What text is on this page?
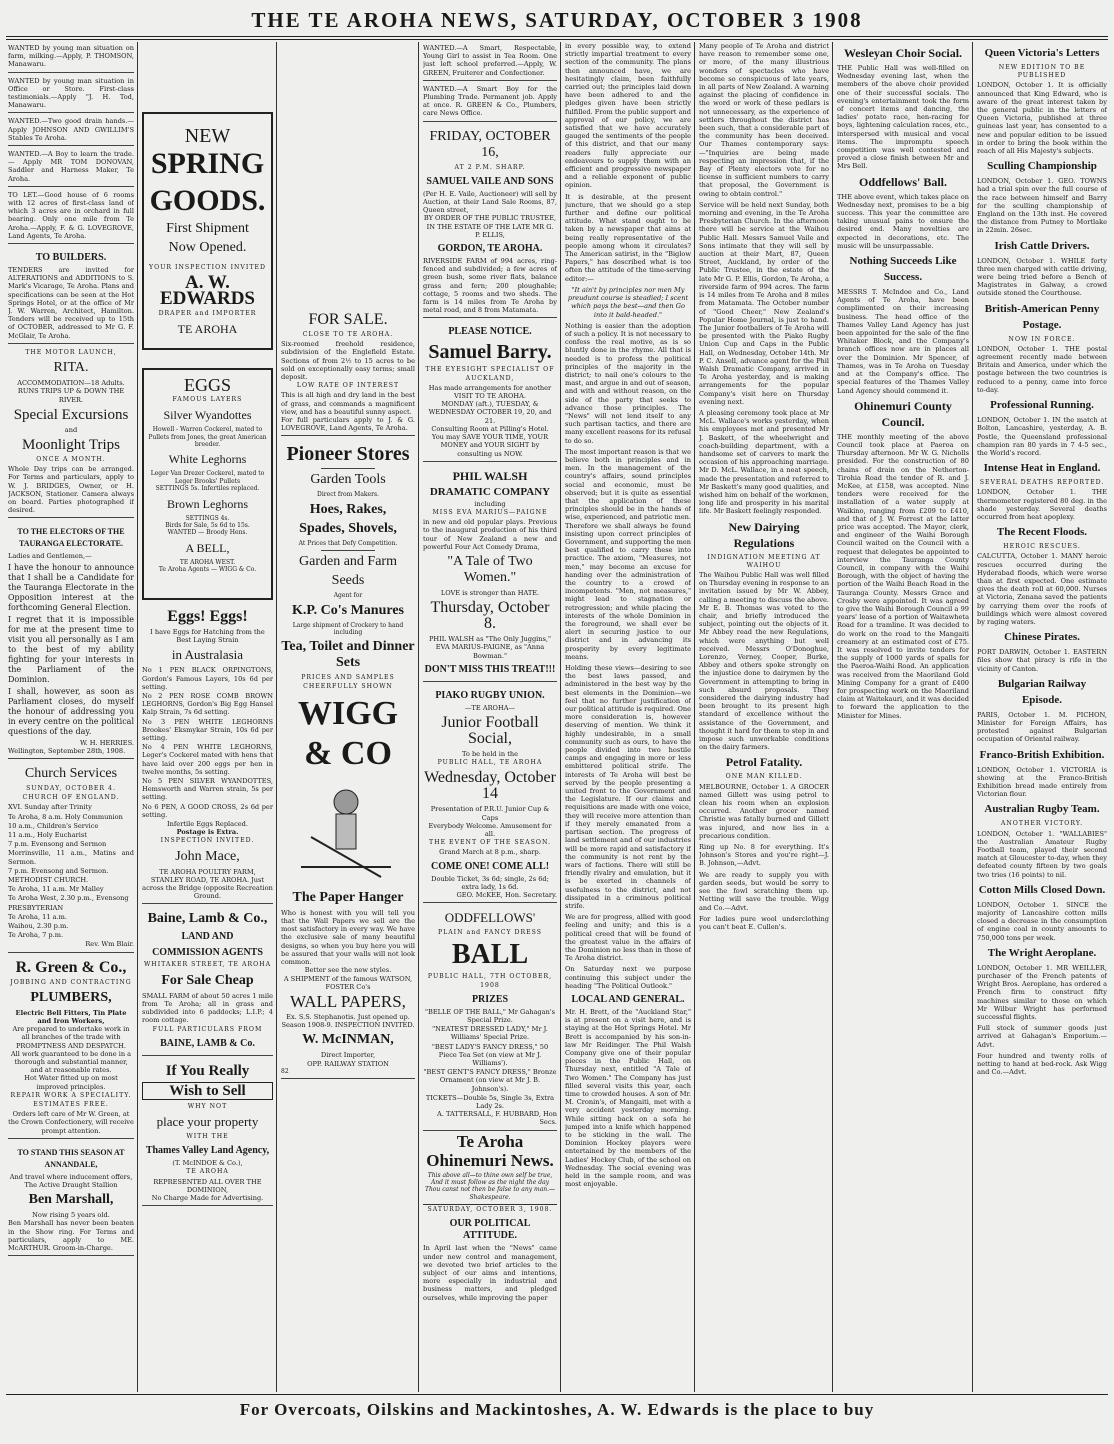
THE TE AROHA NEWS, SATURDAY, OCTOBER 3 1908
WANTED by young man situation on farm, milking.—Apply, P. THOMSON, Manawaru.
WANTED by young man situation in Office or Store. First-class testimonials.—Apply "J. H. Tod, Manawaru.
WANTED.—Two good drain hands.—Apply JOHNSON AND GWILLIM'S Stables Te Aroha.
WANTED.—A Boy to learn the trade. — Apply MR TOM DONOVAN, Saddler and Harness Maker, Te Aroha.
TO LET.—Good house of 6 rooms with 12 acres of first-class land of which 3 acres are in orchard in full bearing. Only one mile from Te Aroha.—Apply, F. & G. LOVEGROVE, Land Agents, Te Aroha.
TO BUILDERS.
TENDERS are invited for ALTERATIONS and ADDITIONS to S. Mark's Vicarage, Te Aroha. Plans and specifications can be seen at the Hot Springs Hotel, or at the office of Mr J. W. Warren, Architect, Hamilton. Tenders will be received up to 15th of OCTOBER, addressed to Mr G. F. McGlair, Te Aroha.
THE MOTOR LAUNCH,
RITA.
ACCOMMODATION—18 Adults. RUNS TRIPS UP & DOWN THE RIVER.
Special Excursions
and
Moonlight Trips
ONCE A MONTH.
Whole Day trips can be arranged. For Terms and particulars, apply to W. J. BRIDGES, Owner, or H. JACKSON, Stationer. Camera always on board. Parties photographed if desired.
TO THE ELECTORS OF THE TAURANGA ELECTORATE.
Ladies and Gentlemen,—

I have the honour to announce that I shall be a Candidate for the Tauranga Electorate in the Opposition interest at the forthcoming General Election.

I regret that it is impossible for me at the present time to visit you all personally as I am to the best of my ability fighting for your interests in the Parliament of the Dominion.

I shall, however, as soon as Parliament closes, do myself the honour of addressing you in every centre on the political questions of the day.

W. H. HERRIES.
Wellington, September 28th, 1908.
Church Services
SUNDAY, OCTOBER 4.
CHURCH OF ENGLAND.
XVI. Sunday after Trinity
Te Aroha, 8 a.m. Holy Communion
10 a.m., Children's Service
11 a.m., Holy Eucharist
7 p.m. Evensong and Sermon
Morrinsville, 11 a.m., Matins and Sermon.
7 p.m. Evensong and Sermon.
METHODIST CHURCH.
Te Aroha, 11 a.m. Mr Malley
Te Aroha West, 2.30 p.m., Evensong
PRESBYTERIAN
Te Aroha, 11 a.m.
Waihou, 2.30 p.m.
Te Aroha, 7 p.m.
Rev. Wm Blair.
R. Green & Co.,
JOBBING AND CONTRACTING
PLUMBERS,
Electric Bell Fitters, Tin Plate and Iron Workers,
Are prepared to undertake work in all branches of the trade with PROMPTNESS AND DESPATCH.
All work guaranteed to be done in a thorough and substantial manner, and at reasonable rates.
Hot Water fitted up on most improved principles.
REPAIR WORK A SPECIALITY.
ESTIMATES FREE.
Orders left care of Mr W. Green, at the Crown Confectionery, will receive prompt attention.
TO STAND THIS SEASON AT ANNANDALE,
And travel where inducement offers, The Active Draught Stallion
Ben Marshall,
Now rising 5 years old.
Ben Marshall has never been beaten in the Show ring. For Terms and particulars, apply to ME. McARTHUR. Groom-in-Charge.
NEW
SPRING
GOODS.
First Shipment
Now Opened.
YOUR INSPECTION INVITED
A. W. EDWARDS
DRAPER and IMPORTER
TE AROHA
EGGS
FAMOUS LAYERS
Silver Wyandottes
Howell - Warren Cockerel, mated to Pullets from Jones, the great American breeder.
White Leghorns
Leger Van Drezer Cockerel, mated to Leger Brooks' Pullets
SETTINGS 5s. Infertiles replaced.
Brown Leghorns
SETTINGS 4s.
Birds for Sale, 5s 6d to 15s.
WANTED — Broody Hens.
A BELL,
TE AROHA WEST.
Te Aroha Agents — WIGG & Co.
Eggs! Eggs!
I have Eggs for Hatching from the Best Laying Strain
in Australasia
No 1 PEN BLACK ORPINGTONS, Gordon's Famous Layers, 10s 6d per setting.
No 2 PEN ROSE COMB BROWN LEGHORNS, Gordon's Big Egg Hansel Kalp Strain, 7s 6d setting.
No 3 PEN WHITE LEGHORNS Brookes' Eksmykar Strain, 10s 6d per setting.
No 4 PEN WHITE LEGHORNS, Leger's Cockerel mated with hens that have laid over 200 eggs per hen in twelve months, 5s setting.
No 5 PEN SILVER WYANDOTTES, Hemsworth and Warren strain, 5s per setting.
No 6 PEN, A GOOD CROSS, 2s 6d per setting.
Infertile Eggs Replaced.
Postage is Extra.
INSPECTION INVITED.
John Mace,
TE AROHA POULTRY FARM, STANLEY ROAD, TE AROHA. Just across the Bridge (opposite Recreation Ground.
Baine, Lamb & Co.,
LAND AND
COMMISSION AGENTS
WHITAKER STREET, TE AROHA
For Sale Cheap
SMALL FARM of about 50 acres 1 mile from Te Aroha; all in grass and subdivided into 6 paddocks; L.I.P.; 4 room cottage.
FULL PARTICULARS FROM
BAINE, LAMB & Co.
If You Really
Wish to Sell
WHY NOT
place your property
WITH THE
Thames Valley Land Agency,
(T. McINDOE & Co.),
TE AROHA
REPRESENTED ALL OVER THE DOMINION,
No Charge Made for Advertising.
FOR SALE.
CLOSE TO TE AROHA.
Six-roomed freehold residence, subdivision of the Englefield Estate. Sections of from 2½ to 15 acres to be sold on exceptionally easy terms; small deposit.
LOW RATE OF INTEREST
This is all high and dry land in the best of grass, and commands a magnificent view, and has a beautiful sunny aspect.
For full particulars apply to J. & G. LOVEGROVE, Land Agents, Te Aroha.
Pioneer Stores
Garden Tools
Direct from Makers.
Hoes, Rakes,
Spades, Shovels,
At Prices that Defy Competition.
Garden and Farm
Seeds
Agent for
K.P. Co's Manures
Large shipment of Crockery to hand including
Tea, Toilet and Dinner Sets
PRICES AND SAMPLES CHEERFULLY SHOWN
WIGG & CO
The Paper Hanger
Who is honest with you will tell you that the Wall Papers we sell are the most satisfactory in every way. We have the exclusive sale of many beautiful designs, so when you buy here you will be assured that your walls will not look common.
Better see the new styles.
A SHIPMENT of the famous WATSON, FOSTER Co's
WALL PAPERS,
Ex. S.S. Stephanotis. Just opened up. Season 1908-9. INSPECTION INVITED.
W. McINMAN,
Direct Importer,
OPP. RAILWAY STATION
82
WANTED.—A Smart, Respectable, Young Girl to assist in Tea Room. One just left school preferred.—Apply, W. GREEN, Fruiterer and Confectioner.
WANTED.—A Smart Boy for the Plumbing Trade. Permanent job. Apply at once. R. GREEN & Co., Plumbers, care News Office.
FRIDAY, OCTOBER 16,
AT 2 P.M. SHARP.
SAMUEL VAILE AND SONS
(Per H. E. Vaile, Auctioneer) will sell by Auction, at their Land Sale Rooms, 87, Queen street,
BY ORDER OF THE PUBLIC TRUSTEE, IN THE ESTATE OF THE LATE MR G. P. ELLIS,
GORDON, TE AROHA.
RIVERSIDE FARM of 994 acres, ring-fenced and subdivided; a few acres of green bush, some river flats, balance grass and fern; 200 ploughable; cottage, 5 rooms and two sheds. The farm is 14 miles from Te Aroha by metal road, and 8 from Matamata.
PLEASE NOTICE.
Samuel Barry.
THE EYESIGHT SPECIALIST OF AUCKLAND,
Has made arrangements for another VISIT TO TE AROHA.
MONDAY (aft.), TUESDAY, & WEDNESDAY OCTOBER 19, 20, and 21.
Consulting Room at Pilling's Hotel.
You may SAVE YOUR TIME, YOUR MONEY and YOUR SIGHT by consulting us NOW.
PHIL WALSH
DRAMATIC COMPANY
including
MISS EVA MARIUS—PAIGNE
in new and old popular plays. Previous to the inaugural production of his third tour of New Zealand a new and powerful Four Act Comedy Drama,
"A Tale of Two Women."
LOVE is stronger than HATE.
Thursday, October 8.
PHIL WALSH as "The Only Juggins," EVA MARIUS-PAIGNE, as "Anna Bowman."
DON'T MISS THIS TREAT!!!
PIAKO RUGBY UNION.
—TE AROHA—
Junior Football Social,
To be held in the
PUBLIC HALL, TE AROHA
Wednesday, October 14
Presentation of P.R.U. Junior Cup & Caps
Everybody Welcome. Amusement for all.
THE EVENT OF THE SEASON.
Grand March at 8 p.m., sharp.
COME ONE! COME ALL!
Double Ticket, 3s 6d; single, 2s 6d; extra lady, 1s 6d.
GEO. McKEE, Hon. Secretary.
ODDFELLOWS'
PLAIN and FANCY DRESS
BALL
PUBLIC HALL, 7TH OCTOBER, 1908
PRIZES
"BELLE OF THE BALL," Mr Gahagan's Special Prize.
"NEATEST DRESSED LADY," Mr J. Williams' Special Prize.
"BEST LADY'S FANCY DRESS," 50 Piece Tea Set (on view at Mr J. Williams').
"BEST GENT'S FANCY DRESS," Bronze Ornament (on view at Mr J. B. Johnson's).
TICKETS—Double 5s, Single 3s, Extra Lady 2s.
A. TATTERSALL, F. HUBBARD, Hon Secs.
Te Aroha
Ohinemuri News.
This above all—to thine own self be true, And it must follow as the night the day Thou canst not then be false to any man.—Shakespeare.
SATURDAY, OCTOBER 3, 1908.
OUR POLITICAL ATTITUDE.
In April last when the "News" came under new control and management, we devoted two brief articles to the subject of our aims and intentions, more especially in industrial and business matters, and pledged ourselves, while improving the paper

in every possible way, to extend strictly impartial treatment to every section of the community. The plans then announced have, we are hesitatingly claim, been faithfully carried out; the principles laid down have been adhered to and the pledges given have been strictly fulfilled. From the public support and approval of our policy, we are satisfied that we have accurately gauged the sentiments of the people of this district, and that our many readers fully appreciate our endeavours to supply them with an efficient and progressive newspaper and a reliable exponent of public opinion.

It is desirable, at the present juncture, that we should go a step further and define our political attitude. What stand ought to be taken by a newspaper that aims at being really representative of the people among whom it circulates? The American satirist, in the "Biglow Papers," has described what is too often the attitude of the time-serving editor:—

"It ain't by principles nor men My preudunt course is steadied; I scent which pays the best—and then Go into it bald-headed."

Nothing is easier than the adoption of such a policy. It is not necessary to confess the real motive, as is so bluntly done in the rhyme. All that is needed is to profess the political principles of the majority in the district; to nail one's colours to the mast, and argue in and out of season, and with and without reason, on the side of the party that seeks to advance those principles. The "News" will not lend itself to any such partisan tactics, and there are many excellent reasons for its refusal to do so.

The most important reason is that we believe both in principles and in men. In the management of the country's affairs, sound principles social and economic, must be observed; but it is quite as essential that the application of these principles should be in the hands of wise, experienced, and patriotic men. Therefore we shall always be found insisting upon correct principles of Government, and supporting the men best qualified to carry these into practice. The axiom, "Measures, not men," may become an excuse for handing over the administration of the country to a crowd of incompetents. "Men, not measures," might lead to stagnation or retrogression; and while placing the interests of the whole Dominion in the foreground, we shall ever be alert in securing justice to our district and in advancing its prosperity by every legitimate means.

Holding these views—desiring to see the best laws passed, and administered in the best way by the best elements in the Dominion—we feel that no further justification of our political attitude is required. One more consideration is, however deserving of mention. We think it highly undesirable, in a small community such as ours, to have the people divided into two hostile camps and engaging in more or less embittered political strife. The interests of Te Aroha will best be served by the people presenting a united front to the Government and the Legislature. If our claims and requisitions are made with one voice, they will receive more attention than if they merely emanated from a partisan section. The progress of land settlement and of our industries will be more rapid and satisfactory if the community is not rent by the wars of factions. There will still be friendly rivalry and emulation, but it is be exerted in channels of usefulness to the district, and not dissipated in a criminous political strife.

We are for progress, allied with good feeling and unity; and this is a political creed that will be found of the greatest value in the affairs of the Dominion no less than in those of Te Aroha district.

On Saturday next we purpose continuing this subject under the heading "The Political Outlook."

LOCAL AND GENERAL.

Mr. H. Brett, of the "Auckland Star," is at present on a visit here, and is staying at the Hot Springs Hotel. Mr Brett is accompanied by his son-in-law Mr Reidinger. The Phil Walsh Company give one of their popular pieces in the Public Hall, on Thursday next, entitled "A Tale of Two Women." The Company has just filled several visits this year, each time to crowded houses. A son of Mr. M. Cronin's, of Mangaiti, met with a very accident yesterday morning. While sitting back on a sofa he jumped into a knife which happened to be sticking in the wall. The Dominion Hockey players were entertained by the members of the Ladies' Hockey Club, of the school on Wednesday. The social evening was held in the sample room, and was most enjoyable.

Many people of Te Aroha and district have reason to remember some one, or more, of the many illustrious wonders of spectacles who have become so conspicuous of late years, in all parts of New Zealand. A warning against the placing of confidence in the word or work of these pedlars is not unnecessary, as the experience of settlers throughout the district has been such, that a considerable part of the community has been deceived. Our Thames contemporary says:—"Inquiries are being made respecting an impression that, if the Bay of Plenty electors vote for no license in sufficient numbers to carry that proposal, the Government is owing to obtain control."

Service will be held next Sunday, both morning and evening, in the Te Aroha Presbyterian Church. In the afternoon there will be service at the Waihou Public Hall. Messrs Samuel Vaile and Sons intimate that they will sell by auction at their Mart, 87, Queen Street, Auckland, by order of the Public Trustee, in the estate of the late Mr G. P. Ellis, Gordon, Te Aroha, a riverside farm of 994 acres. The farm is 14 miles from Te Aroha and 8 miles from Matamata. The October number of "Good Cheer," New Zealand's Popular Home Journal, is just to hand. The Junior footballers of Te Aroha will be presented with the Piako Rugby Union Cup and Caps in the Public Hall, on Wednesday, October 14th. Mr P. C. Ansell, advance agent for the Phil Walsh Dramatic Company, arrived in Te Aroha yesterday, and is making arrangements for the popular Company's visit here on Thursday evening next.

A pleasing ceremony took place at Mr McL. Wallace's works yesterday, when his employees met and presented Mr J. Baskett, of the wheelwright and coach-building department, with a handsome set of carvers to mark the occasion of his approaching marriage. Mr D. McL. Wallace, in a neat speech, made the presentation and referred to Mr Baskett's many good qualities, and wished him on behalf of the workmen, long life and prosperity in his marital life. Mr Baskett feelingly responded.

New Dairying Regulations
INDIGNATION MEETING AT WAIHOU

The Waihou Public Hall was well filled on Thursday evening in response to an invitation issued by Mr W. Abbey, calling a meeting to discuss the above. Mr E. B. Thomas was voted to the chair, and briefly introduced the subject, pointing out the objects of it. Mr Abbey read the new Regulations, which were anything but well received. Messrs O'Donoghue, Lorenzo, Verney, Cooper, Burke, Abbey and others spoke strongly on the injustice done to dairymen by the Government in attempting to bring in such absurd proposals. They considered the dairying industry had been brought to its present high standard of excellence without the assistance of the Government, and thought it hard for them to step in and impose such unworkable conditions on the dairy farmers.

Petrol Fatality.
ONE MAN KILLED.

MELBOURNE, October 1. A GROCER named Gillett was using petrol to clean his room when an explosion occurred. Another grocer named Christie was fatally burned and Gillett was injured, and now lies in a precarious condition.

Ring up No. 8 for everything. It's Johnson's Stores and you're right—J. B. Johnson,—Advt.

We are ready to supply you with garden seeds, but would be sorry to see the fowl scratching them up. Netting will save the trouble. Wigg and Co.—Advt.

For ladies pure wool underclothing you can't beat E. Cullen's.

Wesleyan Choir Social.

THE Public Hall was well-filled on Wednesday evening last, when the members of the above choir provided one of their successful socials. The evening's entertainment took the form of concert items and dancing, the ladies' potato race, hen-racing for boys, lightening calculation races, etc., interspersed with musical and vocal items. The impromptu speech competition was well contested and proved a close finish between Mr and Mrs Bell.

Oddfellows' Ball.

THE above event, which takes place on Wednesday next, promises to be a big success. This year the committee are taking unusual pains to ensure the desired end. Many novelties are expected in decorations, etc. The music will be unsurpassable.

Nothing Succeeds Like Success.

MESSRS T. McIndoe and Co., Land Agents of Te Aroha, have been complimented on their increasing business. The head office of the Thames Valley Land Agency has just been appointed for the sale of the fine Whitaker Block, and the Company's branch offices now are in places all over the Dominion. Mr Spencer, of Thames, was in Te Aroha on Tuesday and at the Company's office. The special features of the Thames Valley Land Agency should commend it.

Ohinemuri County Council.

THE monthly meeting of the above Council took place at Paeroa on Thursday afternoon. Mr W. G. Nicholls presided. For the construction of 80 chains of drain on the Netherton-Tirohia Road the tender of R. and J. McKee, at £158, was accepted. Nine tenders were received for the installation of a water supply at Waikino, ranging from £209 to £410, and that of J. W. Forrest at the latter price was accepted. The Mayor, clerk, and engineer of the Waihi Borough Council waited on the Council with a request that delegates be appointed to interview the Tauranga County Council, in company with the Waihi Borough, with the object of having the portion of the Waihi Beach Road in the Tauranga County. Messrs Grace and Crosby were appointed. It was agreed to give the Waihi Borough Council a 99 years' lease of a portion of Waitawheta Road for a tramline. It was decided to do work on the road to the Mangaiti creamery at an estimated cost of £75. It was resolved to invite tenders for the supply of 1000 yards of spalls for the Paeroa-Waihi Road. An application was received from the Maoriland Gold Mining Company for a grant of £400 for prospecting work on the Maoriland claim at Waitekauri, and it was decided to forward the application to the Minister for Mines.

Queen Victoria's Letters
NEW EDITION TO BE PUBLISHED

LONDON, October 1. It is officially announced that King Edward, who is aware of the great interest taken by the general public in the letters of Queen Victoria, published at three guineas last year, has consented to a new and popular edition to be issued in order to bring the book within the reach of all His Majesty's subjects.

Sculling Championship

LONDON, October 1. GEO. TOWNS had a trial spin over the full course of the race between himself and Barry for the sculling championship of England on the 13th inst. He covered the distance from Putney to Mortlake in 22min. 26sec.

Irish Cattle Drivers.

LONDON, October 1. WHILE forty three men charged with cattle driving, were being tried before a Bench of Magistrates in Galway, a crowd outside stoned the Courthouse.

British-American Penny Postage.
NOW IN FORCE.

LONDON, October 1. THE postal agreement recently made between Britain and America, under which the postage between the two countries is reduced to a penny, came into force to-day.

Professional Running.

LONDON, October 1. IN the match at Bolton, Lancashire, yesterday, A. B. Postle, the Queensland professional champion ran 80 yards in 7 4-5 sec., the World's record.

Intense Heat in England.
SEVERAL DEATHS REPORTED.

LONDON, October 1. THE thermometer registered 80 deg. in the shade yesterday. Several deaths occurred from heat apoplexy.

The Recent Floods.
HEROIC RESCUES.

CALCUTTA, October 1. MANY heroic rescues occurred during the Hyderabad floods, which were worse than at first expected. One estimate gives the death roll at 60,000. Nurses at Victoria, Zenana saved the patients by carrying them over the roofs of buildings which were almost covered by raging waters.

Chinese Pirates.

PORT DARWIN, October 1. EASTERN files show that piracy is rife in the vicinity of Canton.

Bulgarian Railway Episode.

PARIS, October 1. M. PICHON, Minister for Foreign Affairs, has protested against Bulgarian occupation of Oriental railway.

Franco-British Exhibition.

LONDON, October 1. VICTORIA is showing at the Franco-British Exhibition bread made entirely from Victorian flour.

Australian Rugby Team.
ANOTHER VICTORY.

LONDON, October 1. "WALLABIES" the Australian Amateur Rugby Football team, played their second match at Gloucester to-day, when they defeated county fifteen by two goals two tries (16 points) to nil.

Cotton Mills Closed Down.

LONDON, October 1. SINCE the majority of Lancashire cotton mills closed a decrease in the consumption of engine coal in county amounts to 750,000 tons per week.

The Wright Aeroplane.

LONDON, October 1. MR WEILLER, purchaser of the French patents of Wright Bros. Aeroplane, has ordered a French firm to construct fifty machines similar to those on which Mr Wilbur Wright has performed successful flights.

Full stock of summer goods just arrived at Gahagan's Emporium.—Advt.

Four hundred and twenty rolls of netting to hand at bed-rock. Ask Wigg and Co.—Advt.

For Overcoats, Oilskins and Mackintoshes, A. W. Edwards is the place to buy
